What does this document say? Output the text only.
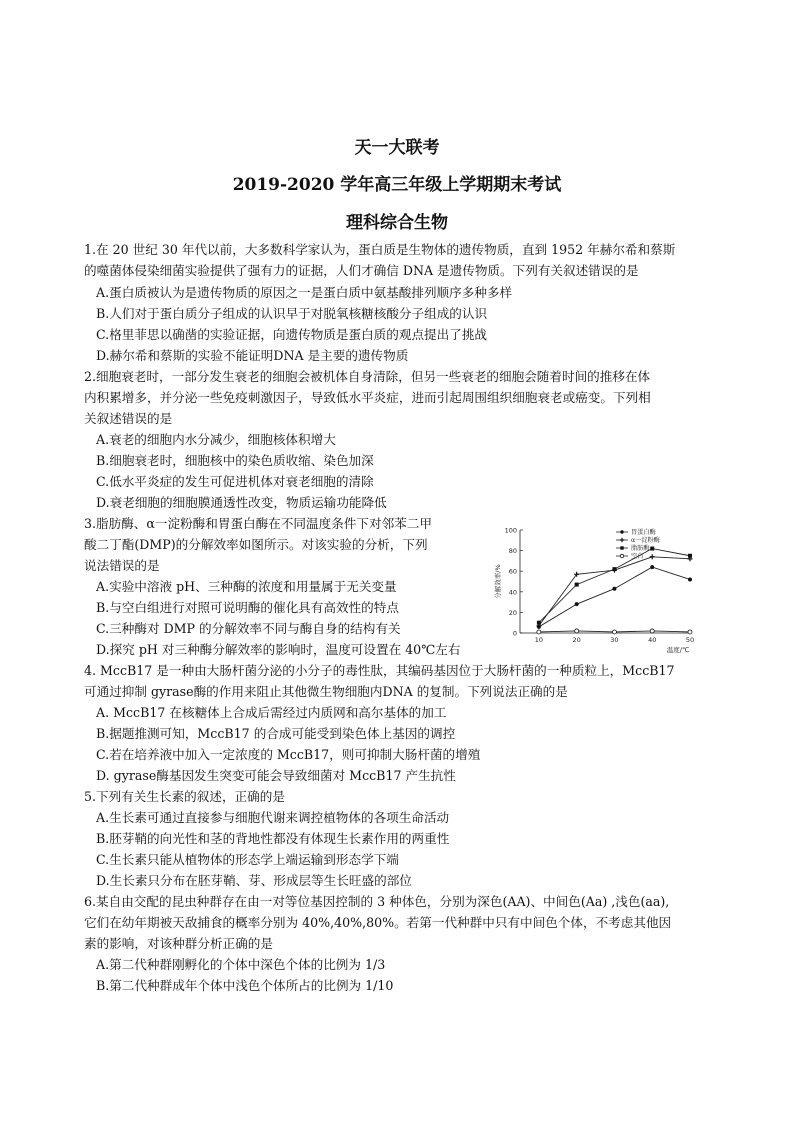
天一大联考
2019-2020 学年高三年级上学期期末考试
理科综合生物
1.在 20 世纪 30 年代以前，大多数科学家认为，蛋白质是生物体的遗传物质，直到 1952 年赫尔希和蔡斯
的噬菌体侵染细菌实验提供了强有力的证据，人们才确信 DNA 是遗传物质。下列有关叙述错误的是
A.蛋白质被认为是遗传物质的原因之一是蛋白质中氨基酸排列顺序多种多样
B.人们对于蛋白质分子组成的认识早于对脱氧核糖核酸分子组成的认识
C.格里菲思以确凿的实验证据，向遗传物质是蛋白质的观点提出了挑战
D.赫尔希和蔡斯的实验不能证明DNA 是主要的遗传物质
2.细胞衰老时，一部分发生衰老的细胞会被机体自身清除，但另一些衰老的细胞会随着时间的推移在体
内积累增多，并分泌一些免疫刺激因子，导致低水平炎症，进而引起周围组织细胞衰老或癌变。下列相
关叙述错误的是
A.衰老的细胞内水分减少，细胞核体积增大
B.细胞衰老时，细胞核中的染色质收缩、染色加深
C.低水平炎症的发生可促进机体对衰老细胞的清除
D.衰老细胞的细胞膜通透性改变，物质运输功能降低
3.脂肪酶、α一淀粉酶和胃蛋白酶在不同温度条件下对邻苯二甲
酸二丁酯(DMP)的分解效率如图所示。对该实验的分析，下列
说法错误的是
A.实验中溶液 pH、三种酶的浓度和用量属于无关变量
B.与空白组进行对照可说明酶的催化具有高效性的特点
C.三种酶对 DMP 的分解效率不同与酶自身的结构有关
D.探究 pH 对三种酶分解效率的影响时，温度可设置在 40℃左右
0
20
40
60
80
100
10	20	30	40	50
温度/℃
分解效率/%
胃蛋白酶
α一淀粉酶
脂肪酶
空白
4. MccB17 是一种由大肠杆菌分泌的小分子的毒性肽，其编码基因位于大肠杆菌的一种质粒上，MccB17
可通过抑制 gyrase酶的作用来阻止其他微生物细胞内DNA 的复制。下列说法正确的是
A. MccB17 在核糖体上合成后需经过内质网和高尔基体的加工
B.据题推测可知，MccB17 的合成可能受到染色体上基因的调控
C.若在培养液中加入一定浓度的 MccB17，则可抑制大肠杆菌的增殖
D. gyrase酶基因发生突变可能会导致细菌对 MccB17 产生抗性
5.下列有关生长素的叙述，正确的是
A.生长素可通过直接参与细胞代谢来调控植物体的各项生命活动
B.胚芽鞘的向光性和茎的背地性都没有体现生长素作用的两重性
C.生长素只能从植物体的形态学上端运输到形态学下端
D.生长素只分布在胚芽鞘、芽、形成层等生长旺盛的部位
6.某自由交配的昆虫种群存在由一对等位基因控制的 3 种体色，分别为深色(AA)、中间色(Aa) ,浅色(aa),
它们在幼年期被天敌捕食的概率分别为 40%,40%,80%。若第一代种群中只有中间色个体，不考虑其他因
素的影响，对该种群分析正确的是
A.第二代种群刚孵化的个体中深色个体的比例为 1/3
B.第二代种群成年个体中浅色个体所占的比例为 1/10
